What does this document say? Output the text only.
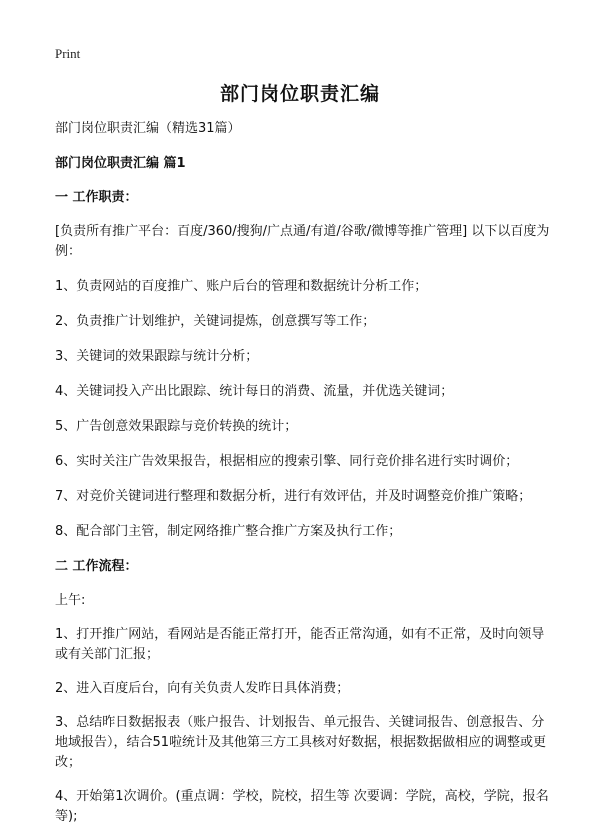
Print
部门岗位职责汇编

部门岗位职责汇编（精选31篇）

部门岗位职责汇编 篇1

一 工作职责：

[负责所有推广平台：百度/360/搜狗/广点通/有道/谷歌/微博等推广管理] 以下以百度为例：

1、负责网站的百度推广、账户后台的管理和数据统计分析工作；

2、负责推广计划维护，关键词提炼，创意撰写等工作；

3、关键词的效果跟踪与统计分析；

4、关键词投入产出比跟踪、统计每日的消费、流量，并优选关键词；

5、广告创意效果跟踪与竞价转换的统计；

6、实时关注广告效果报告，根据相应的搜索引擎、同行竞价排名进行实时调价；

7、对竞价关键词进行整理和数据分析，进行有效评估，并及时调整竞价推广策略；

8、配合部门主管，制定网络推广整合推广方案及执行工作；

二 工作流程：

上午:

1、打开推广网站，看网站是否能正常打开，能否正常沟通，如有不正常，及时向领导或有关部门汇报；

2、进入百度后台，向有关负责人发昨日具体消费；

3、总结昨日数据报表（账户报告、计划报告、单元报告、关键词报告、创意报告、分地域报告），结合51啦统计及其他第三方工具核对好数据，根据数据做相应的调整或更改；

4、开始第1次调价。(重点调：学校，院校，招生等 次要调：学院，高校，学院，报名等);
